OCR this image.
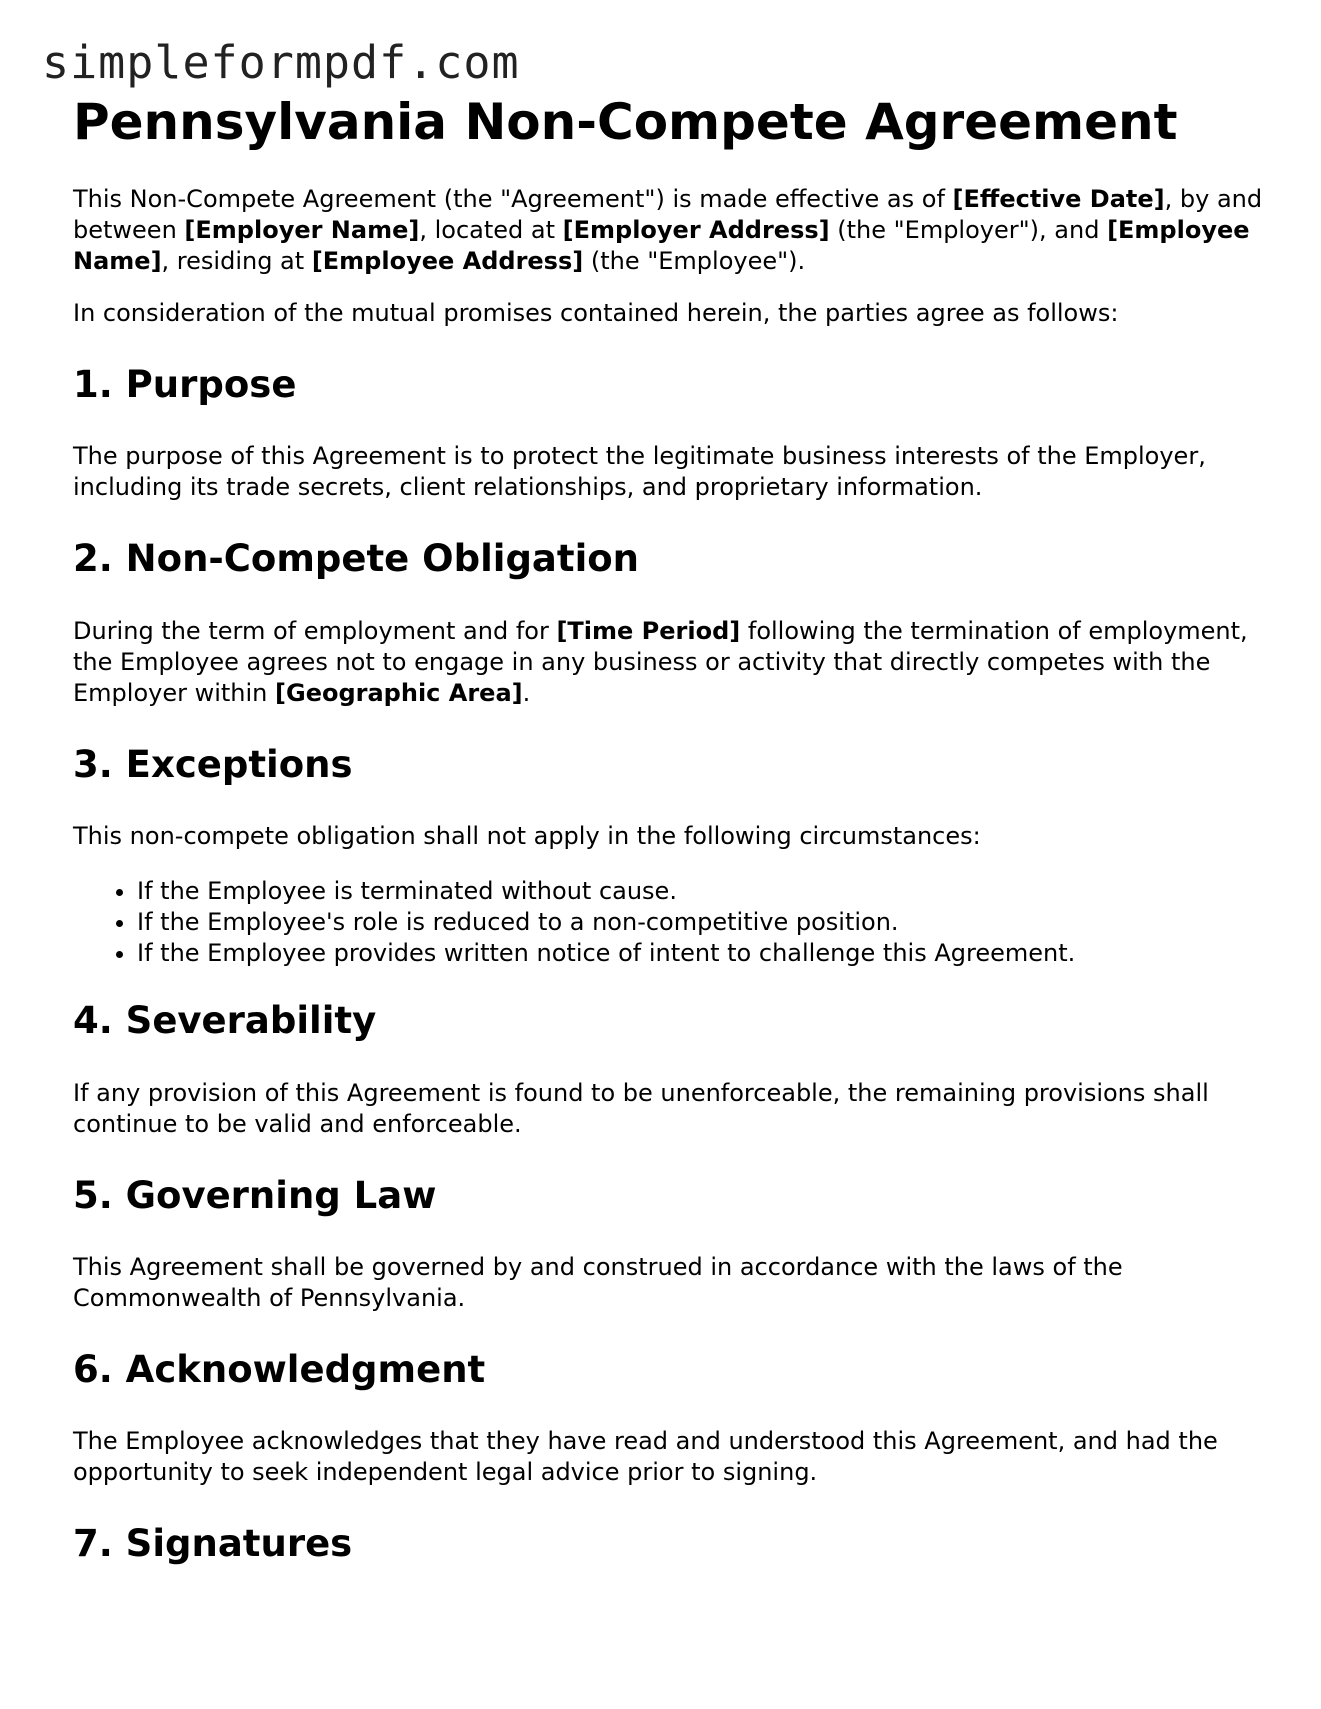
simpleformpdf.com
Pennsylvania Non-Compete Agreement

This Non-Compete Agreement (the "Agreement") is made effective as of [Effective Date], by and between [Employer Name], located at [Employer Address] (the "Employer"), and [Employee Name], residing at [Employee Address] (the "Employee").

In consideration of the mutual promises contained herein, the parties agree as follows:

1. Purpose

The purpose of this Agreement is to protect the legitimate business interests of the Employer, including its trade secrets, client relationships, and proprietary information.

2. Non-Compete Obligation

During the term of employment and for [Time Period] following the termination of employment, the Employee agrees not to engage in any business or activity that directly competes with the Employer within [Geographic Area].

3. Exceptions

This non-compete obligation shall not apply in the following circumstances:

• If the Employee is terminated without cause.
• If the Employee's role is reduced to a non-competitive position.
• If the Employee provides written notice of intent to challenge this Agreement.
4. Severability

If any provision of this Agreement is found to be unenforceable, the remaining provisions shall continue to be valid and enforceable.

5. Governing Law

This Agreement shall be governed by and construed in accordance with the laws of the Commonwealth of Pennsylvania.

6. Acknowledgment

The Employee acknowledges that they have read and understood this Agreement, and had the opportunity to seek independent legal advice prior to signing.

7. Signatures
